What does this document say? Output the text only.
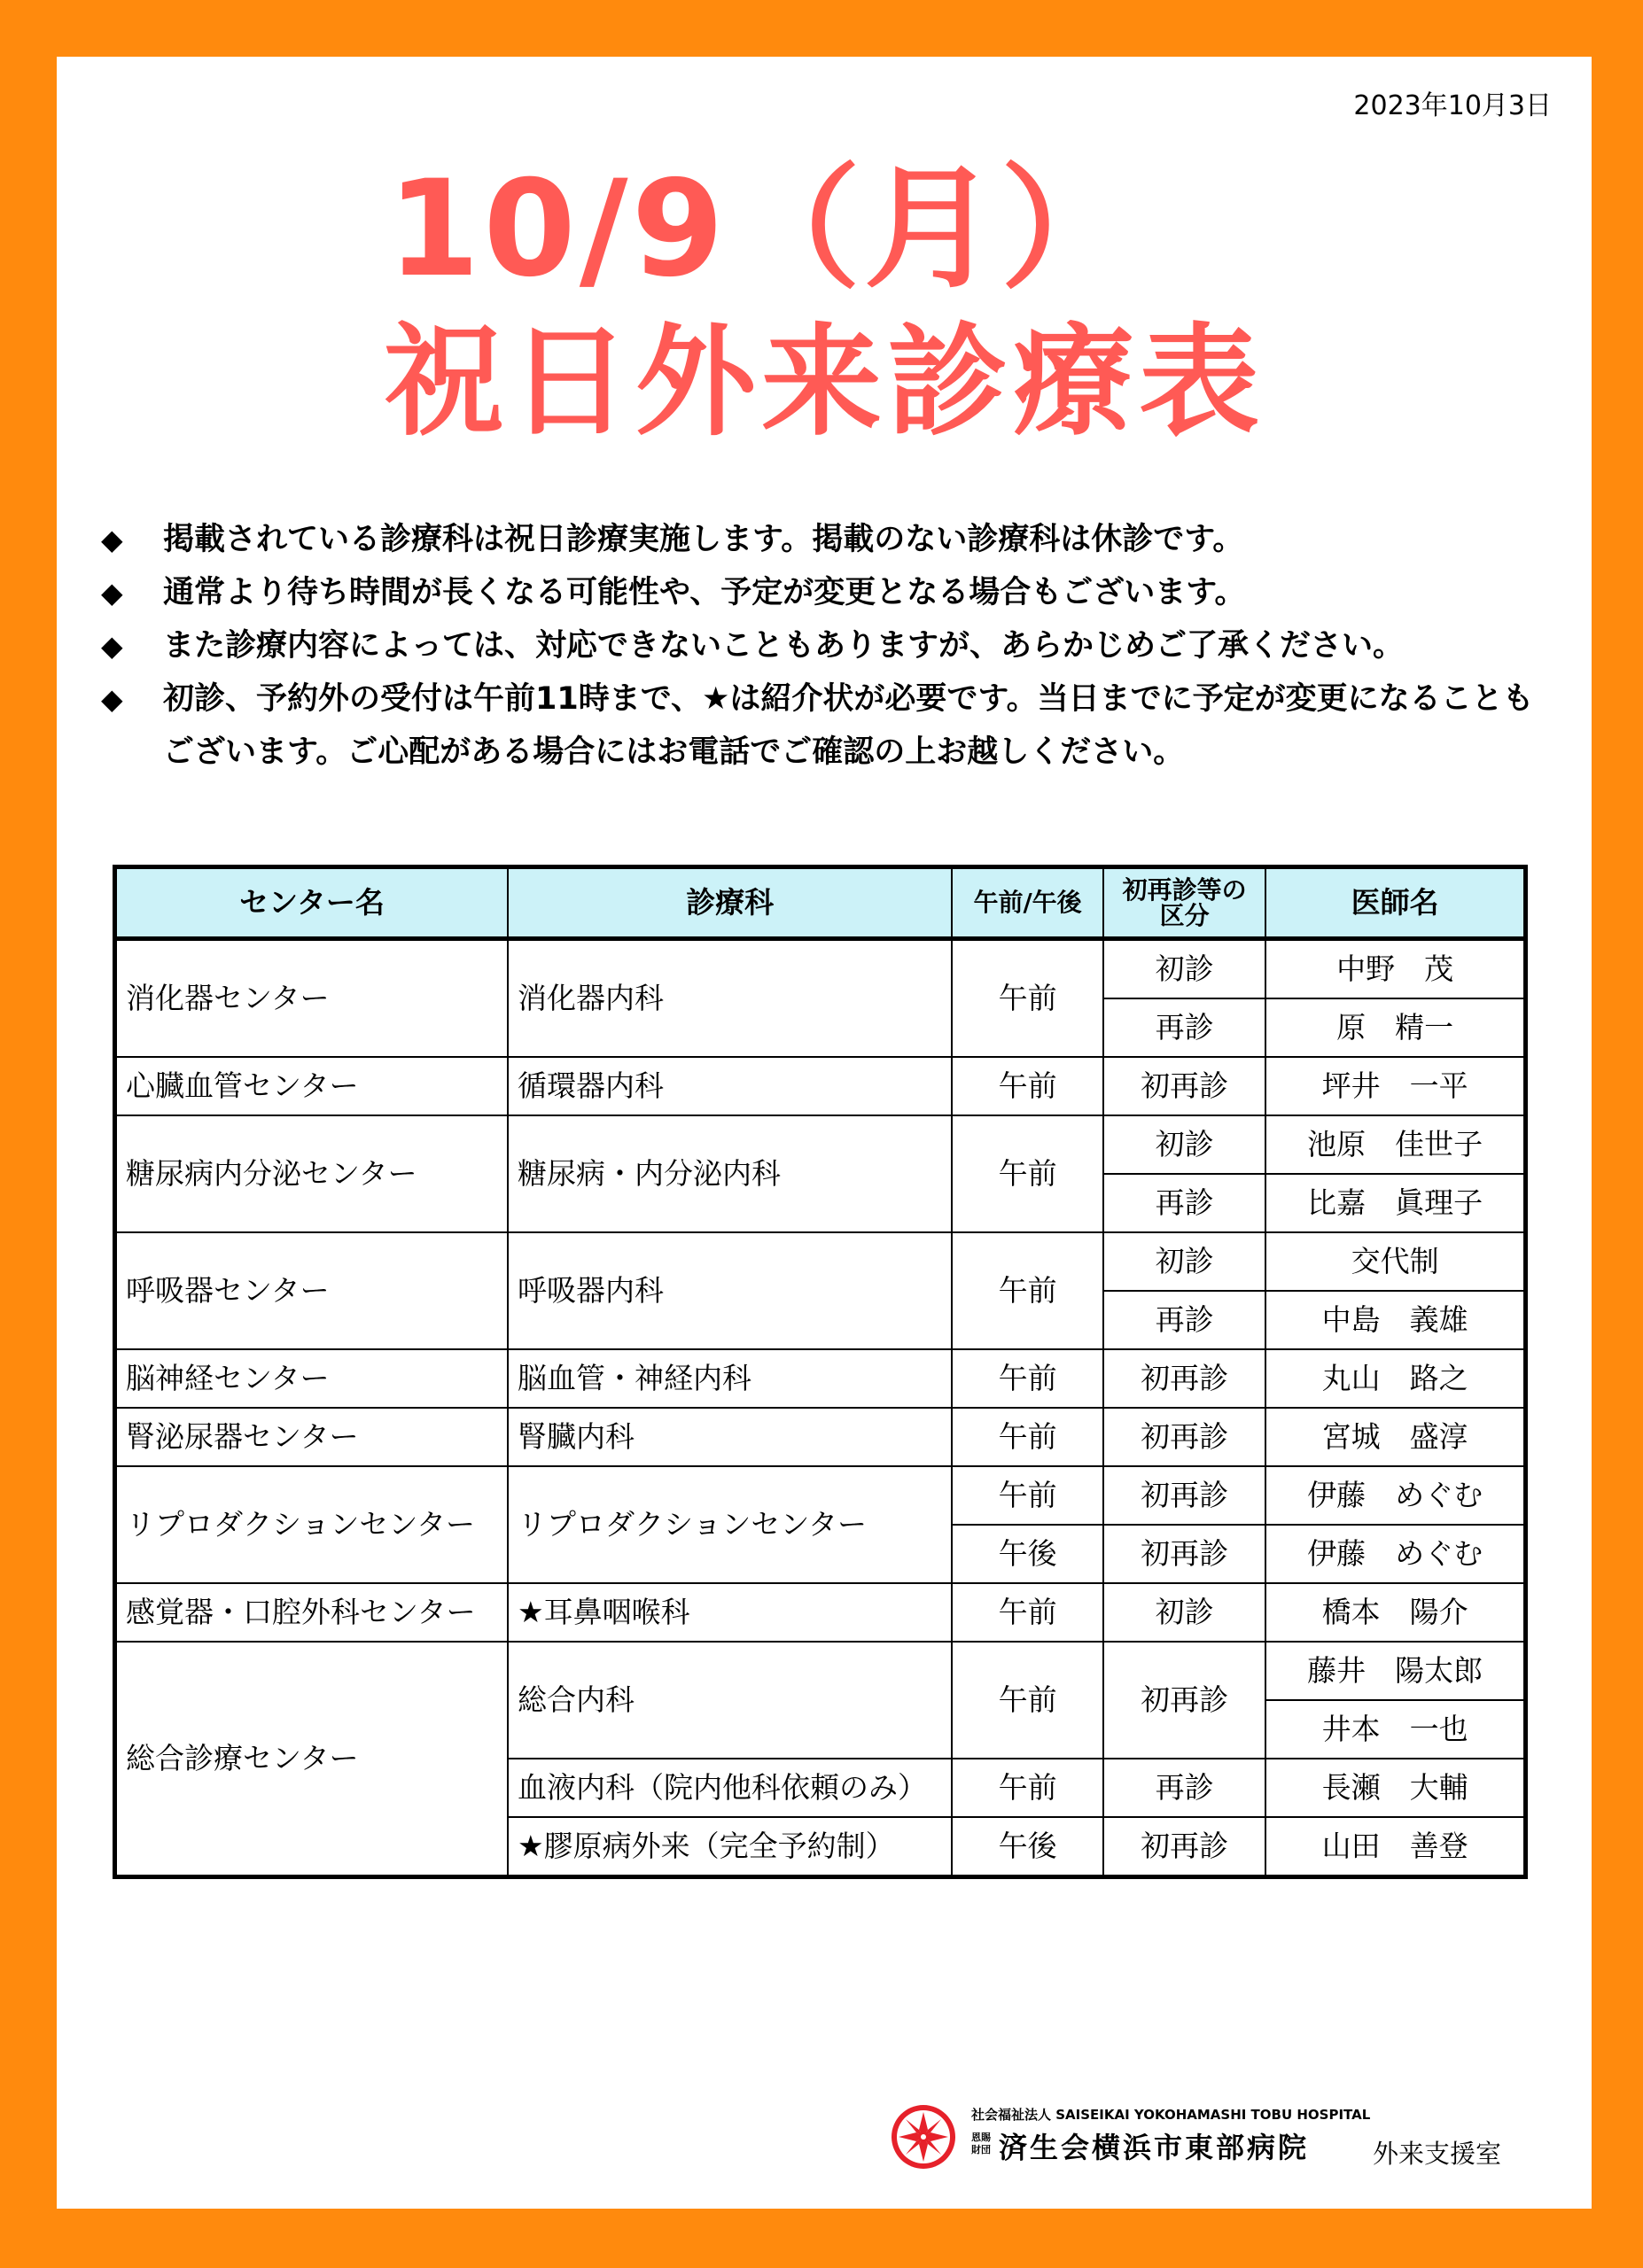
2023年10月3日
10/9（月）
祝日外来診療表
◆	掲載されている診療科は祝日診療実施します。掲載のない診療科は休診です。
◆	通常より待ち時間が長くなる可能性や、予定が変更となる場合もございます。
◆	また診療内容によっては、対応できないこともありますが、あらかじめご了承ください。
◆	初診、予約外の受付は午前11時まで、★は紹介状が必要です。当日までに予定が変更になることもございます。ご心配がある場合にはお電話でご確認の上お越しください。
センター名	診療科	午前/午後	初再診等の区分	医師名
消化器センター	消化器内科	午前	初診	中野　茂
			再診	原　精一
心臓血管センター	循環器内科	午前	初再診	坪井　一平
糖尿病内分泌センター	糖尿病・内分泌内科	午前	初診	池原　佳世子
			再診	比嘉　眞理子
呼吸器センター	呼吸器内科	午前	初診	交代制
			再診	中島　義雄
脳神経センター	脳血管・神経内科	午前	初再診	丸山　路之
腎泌尿器センター	腎臓内科	午前	初再診	宮城　盛淳
リプロダクションセンター	リプロダクションセンター	午前	初再診	伊藤　めぐむ
		午後	初再診	伊藤　めぐむ
感覚器・口腔外科センター	★耳鼻咽喉科	午前	初診	橋本　陽介
総合診療センター	総合内科	午前	初再診	藤井　陽太郎
				井本　一也
	血液内科（院内他科依頼のみ）	午前	再診	長瀬　大輔
	★膠原病外来（完全予約制）	午後	初再診	山田　善登
社会福祉法人 SAISEIKAI YOKOHAMASHI TOBU HOSPITAL
恩賜財団 済生会横浜市東部病院 外来支援室
